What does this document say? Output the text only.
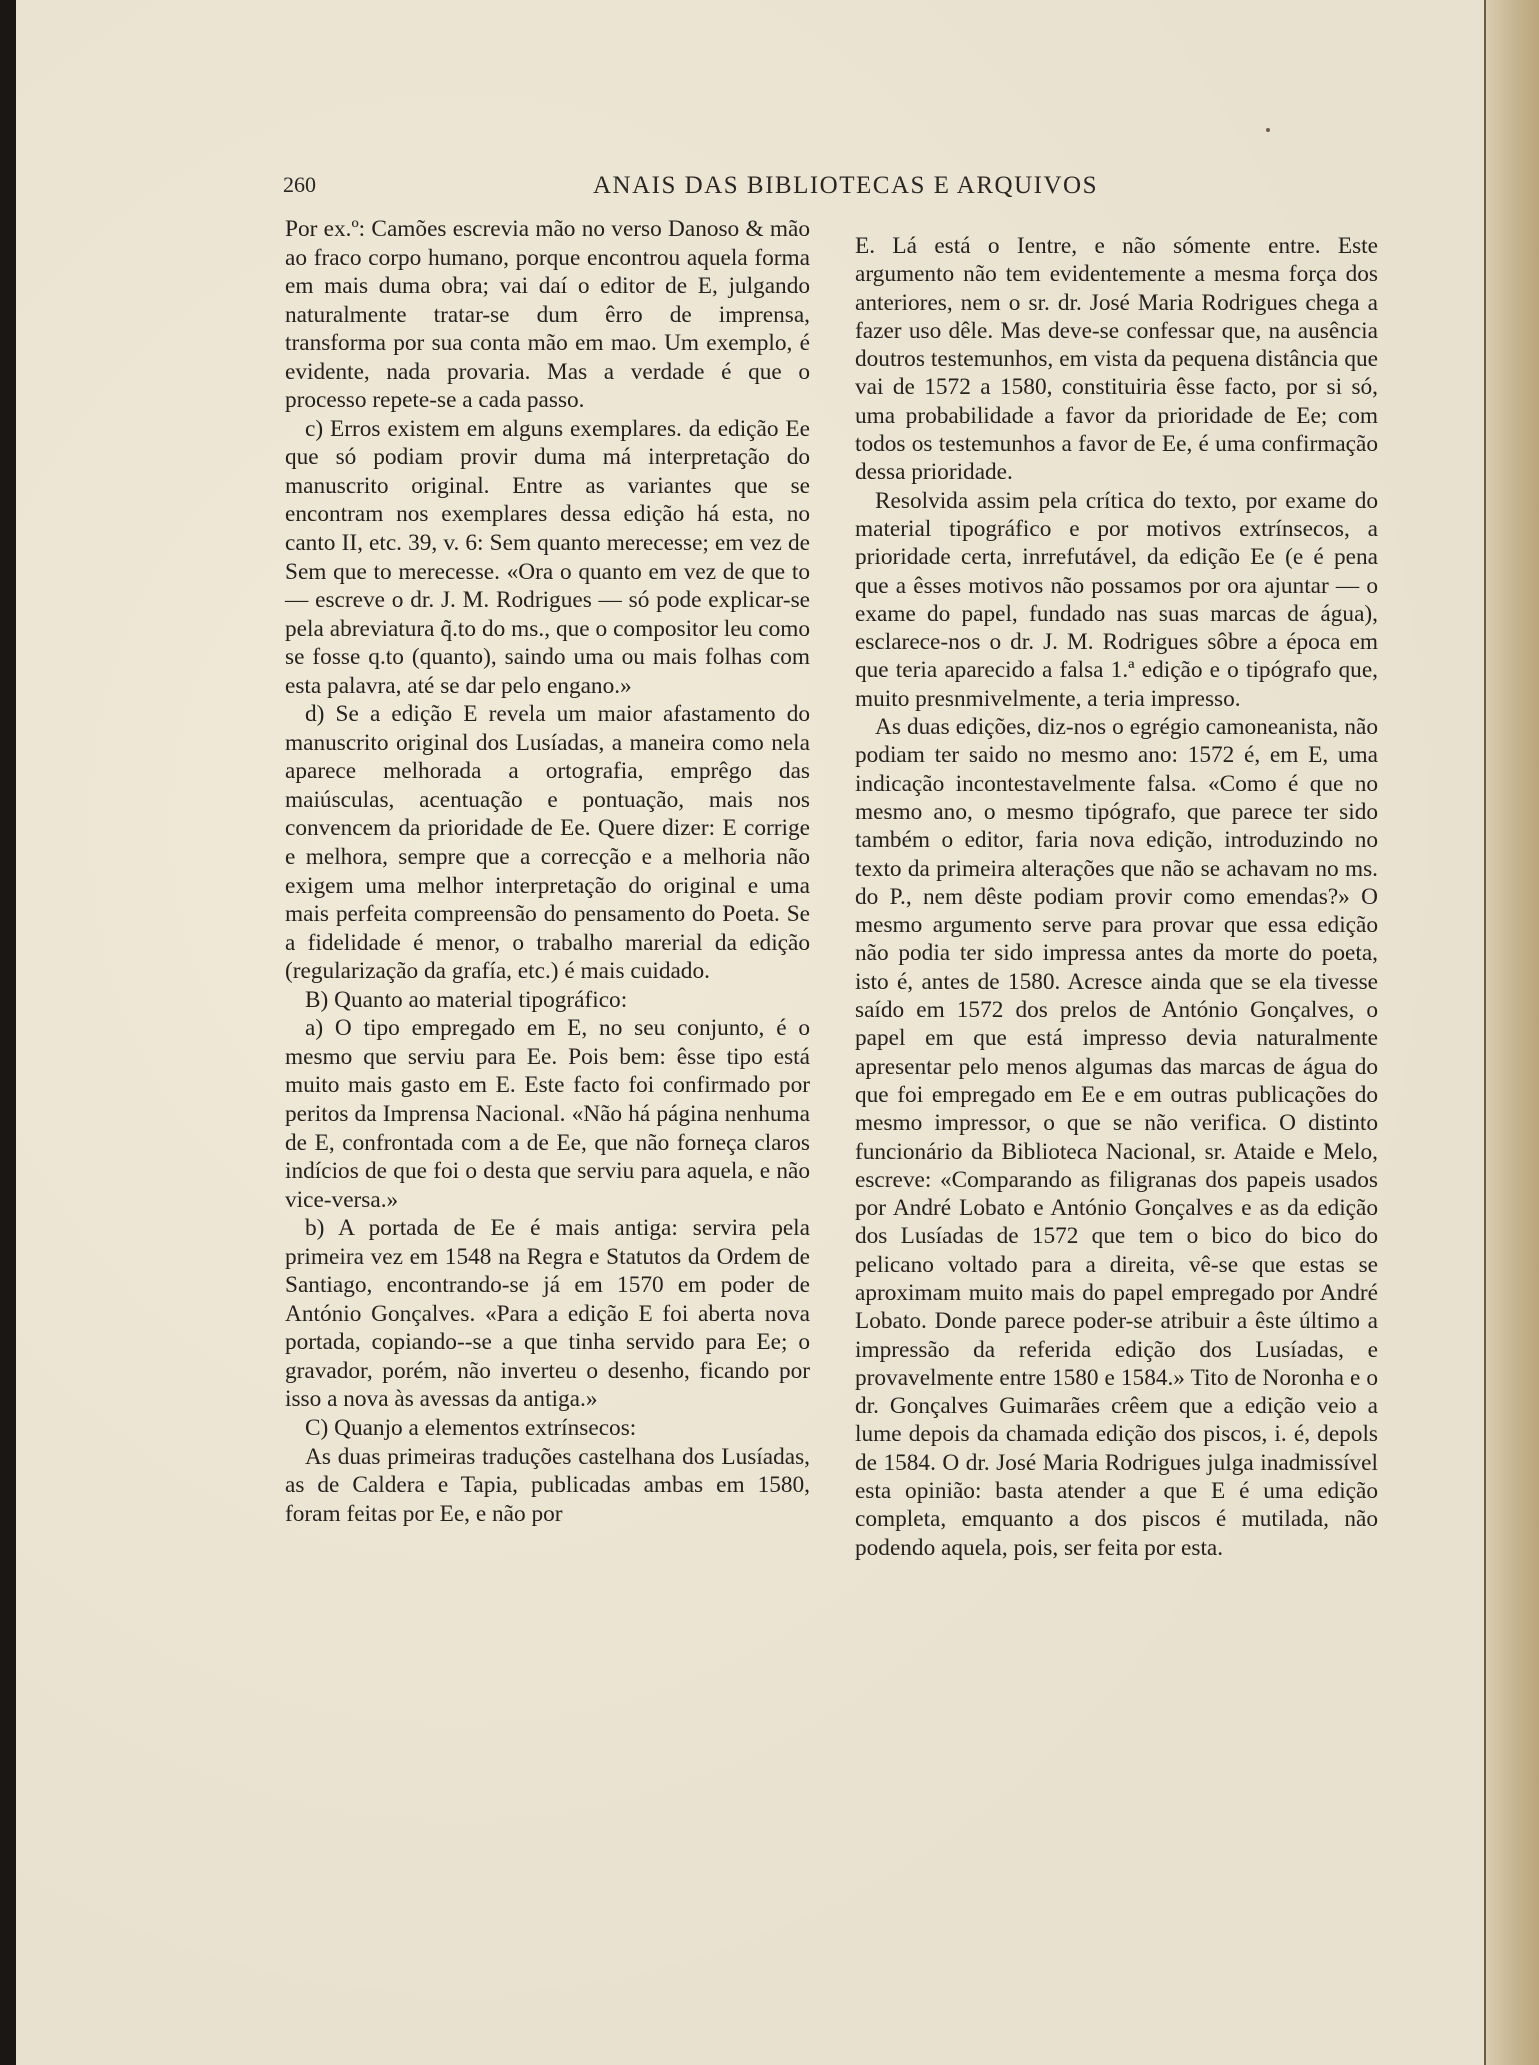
260	ANAIS DAS BIBLIOTECAS E ARQUIVOS

Por ex.º: Camões escrevia mão no verso Danoso & mão ao fraco corpo humano, porque encontrou aquela forma em mais duma obra; vai daí o editor de E, julgando naturalmente tratar-se dum êrro de imprensa, transforma por sua conta mão em mao. Um exemplo, é evidente, nada provaria. Mas a verdade é que o processo repete-se a cada passo.

c) Erros existem em alguns exemplares. da edição Ee que só podiam provir duma má interpretação do manuscrito original. Entre as variantes que se encontram nos exemplares dessa edição há esta, no canto II, etc. 39, v. 6: Sem quanto merecesse; em vez de Sem que to merecesse. «Ora o quanto em vez de que to — escreve o dr. J. M. Rodrigues — só pode explicar-se pela abreviatura q̃.to do ms., que o compositor leu como se fosse q.to (quanto), saindo uma ou mais folhas com esta palavra, até se dar pelo engano.»

d) Se a edição E revela um maior afastamento do manuscrito original dos Lusíadas, a maneira como nela aparece melhorada a ortografia, emprêgo das maiúsculas, acentuação e pontuação, mais nos convencem da prioridade de Ee. Quere dizer: E corrige e melhora, sempre que a correcção e a melhoria não exigem uma melhor interpretação do original e uma mais perfeita compreensão do pensamento do Poeta. Se a fidelidade é menor, o trabalho marerial da edição (regularização da grafía, etc.) é mais cuidado.

B) Quanto ao material tipográfico:

a) O tipo empregado em E, no seu conjunto, é o mesmo que serviu para Ee. Pois bem: êsse tipo está muito mais gasto em E. Este facto foi confirmado por peritos da Imprensa Nacional. «Não há página nenhuma de E, confrontada com a de Ee, que não forneça claros indícios de que foi o desta que serviu para aquela, e não vice-versa.»

b) A portada de Ee é mais antiga: servira pela primeira vez em 1548 na Regra e Statutos da Ordem de Santiago, encontrando-se já em 1570 em poder de António Gonçalves. «Para a edição E foi aberta nova portada, copiando--se a que tinha servido para Ee; o gravador, porém, não inverteu o desenho, ficando por isso a nova às avessas da antiga.»

C) Quanјo a elementos extrínsecos:

As duas primeiras traduções castelhana dos Lusíadas, as de Caldera e Tapia, publicadas ambas em 1580, foram feitas por Ee, e não por

E. Lá está o Ientre, e não sómente entre. Este argumento não tem evidentemente a mesma força dos anteriores, nem o sr. dr. José Maria Rodrigues chega a fazer uso dêle. Mas deve-se confessar que, na ausência doutros testemunhos, em vista da pequena distância que vai de 1572 a 1580, constituiria êsse facto, por si só, uma probabilidade a favor da prioridade de Ee; com todos os testemunhos a favor de Ee, é uma confirmação dessa prioridade.

Resolvida assim pela crítica do texto, por exame do material tipográfico e por motivos extrínsecos, a prioridade certa, inrrefutável, da edição Ee (e é pena que a êsses motivos não possamos por ora ajuntar — o exame do papel, fundado nas suas marcas de água), esclarece-nos o dr. J. M. Rodrigues sôbre a época em que teria aparecido a falsa 1.ª edição e o tipógrafo que, muito presnmivelmente, a teria impresso.

As duas edições, diz-nos o egrégio camoneanista, não podiam ter saido no mesmo ano: 1572 é, em E, uma indicação incontestavelmente falsa. «Como é que no mesmo ano, o mesmo tipógrafo, que parece ter sido também o editor, faria nova edição, introduzindo no texto da primeira alterações que não se achavam no ms. do P., nem dêste podiam provir como emendas?» O mesmo argumento serve para provar que essa edição não podia ter sido impressa antes da morte do poeta, isto é, antes de 1580. Acresce ainda que se ela tivesse saído em 1572 dos prelos de António Gonçalves, o papel em que está impresso devia naturalmente apresentar pelo menos algumas das marcas de água do que foi empregado em Ee e em outras publicações do mesmo impressor, o que se não verifica. O distinto funcionário da Biblioteca Nacional, sr. Ataide e Melo, escreve: «Comparando as filigranas dos papeis usados por André Lobato e António Gonçalves e as da edição dos Lusíadas de 1572 que tem o bico do bico do pelicano voltado para a direita, vê-se que estas se aproximam muito mais do papel empregado por André Lobato. Donde parece poder-se atribuir a êste último a impressão da referida edição dos Lusíadas, e provavelmente entre 1580 e 1584.» Tito de Noronha e o dr. Gonçalves Guimarães crêem que a edição veio a lume depois da chamada edição dos piscos, i. é, depols de 1584. O dr. José Maria Rodrigues julga inadmissível esta opinião: basta atender a que E é uma edição completa, emquanto a dos piscos é mutilada, não podendo aquela, pois, ser feita por esta.
